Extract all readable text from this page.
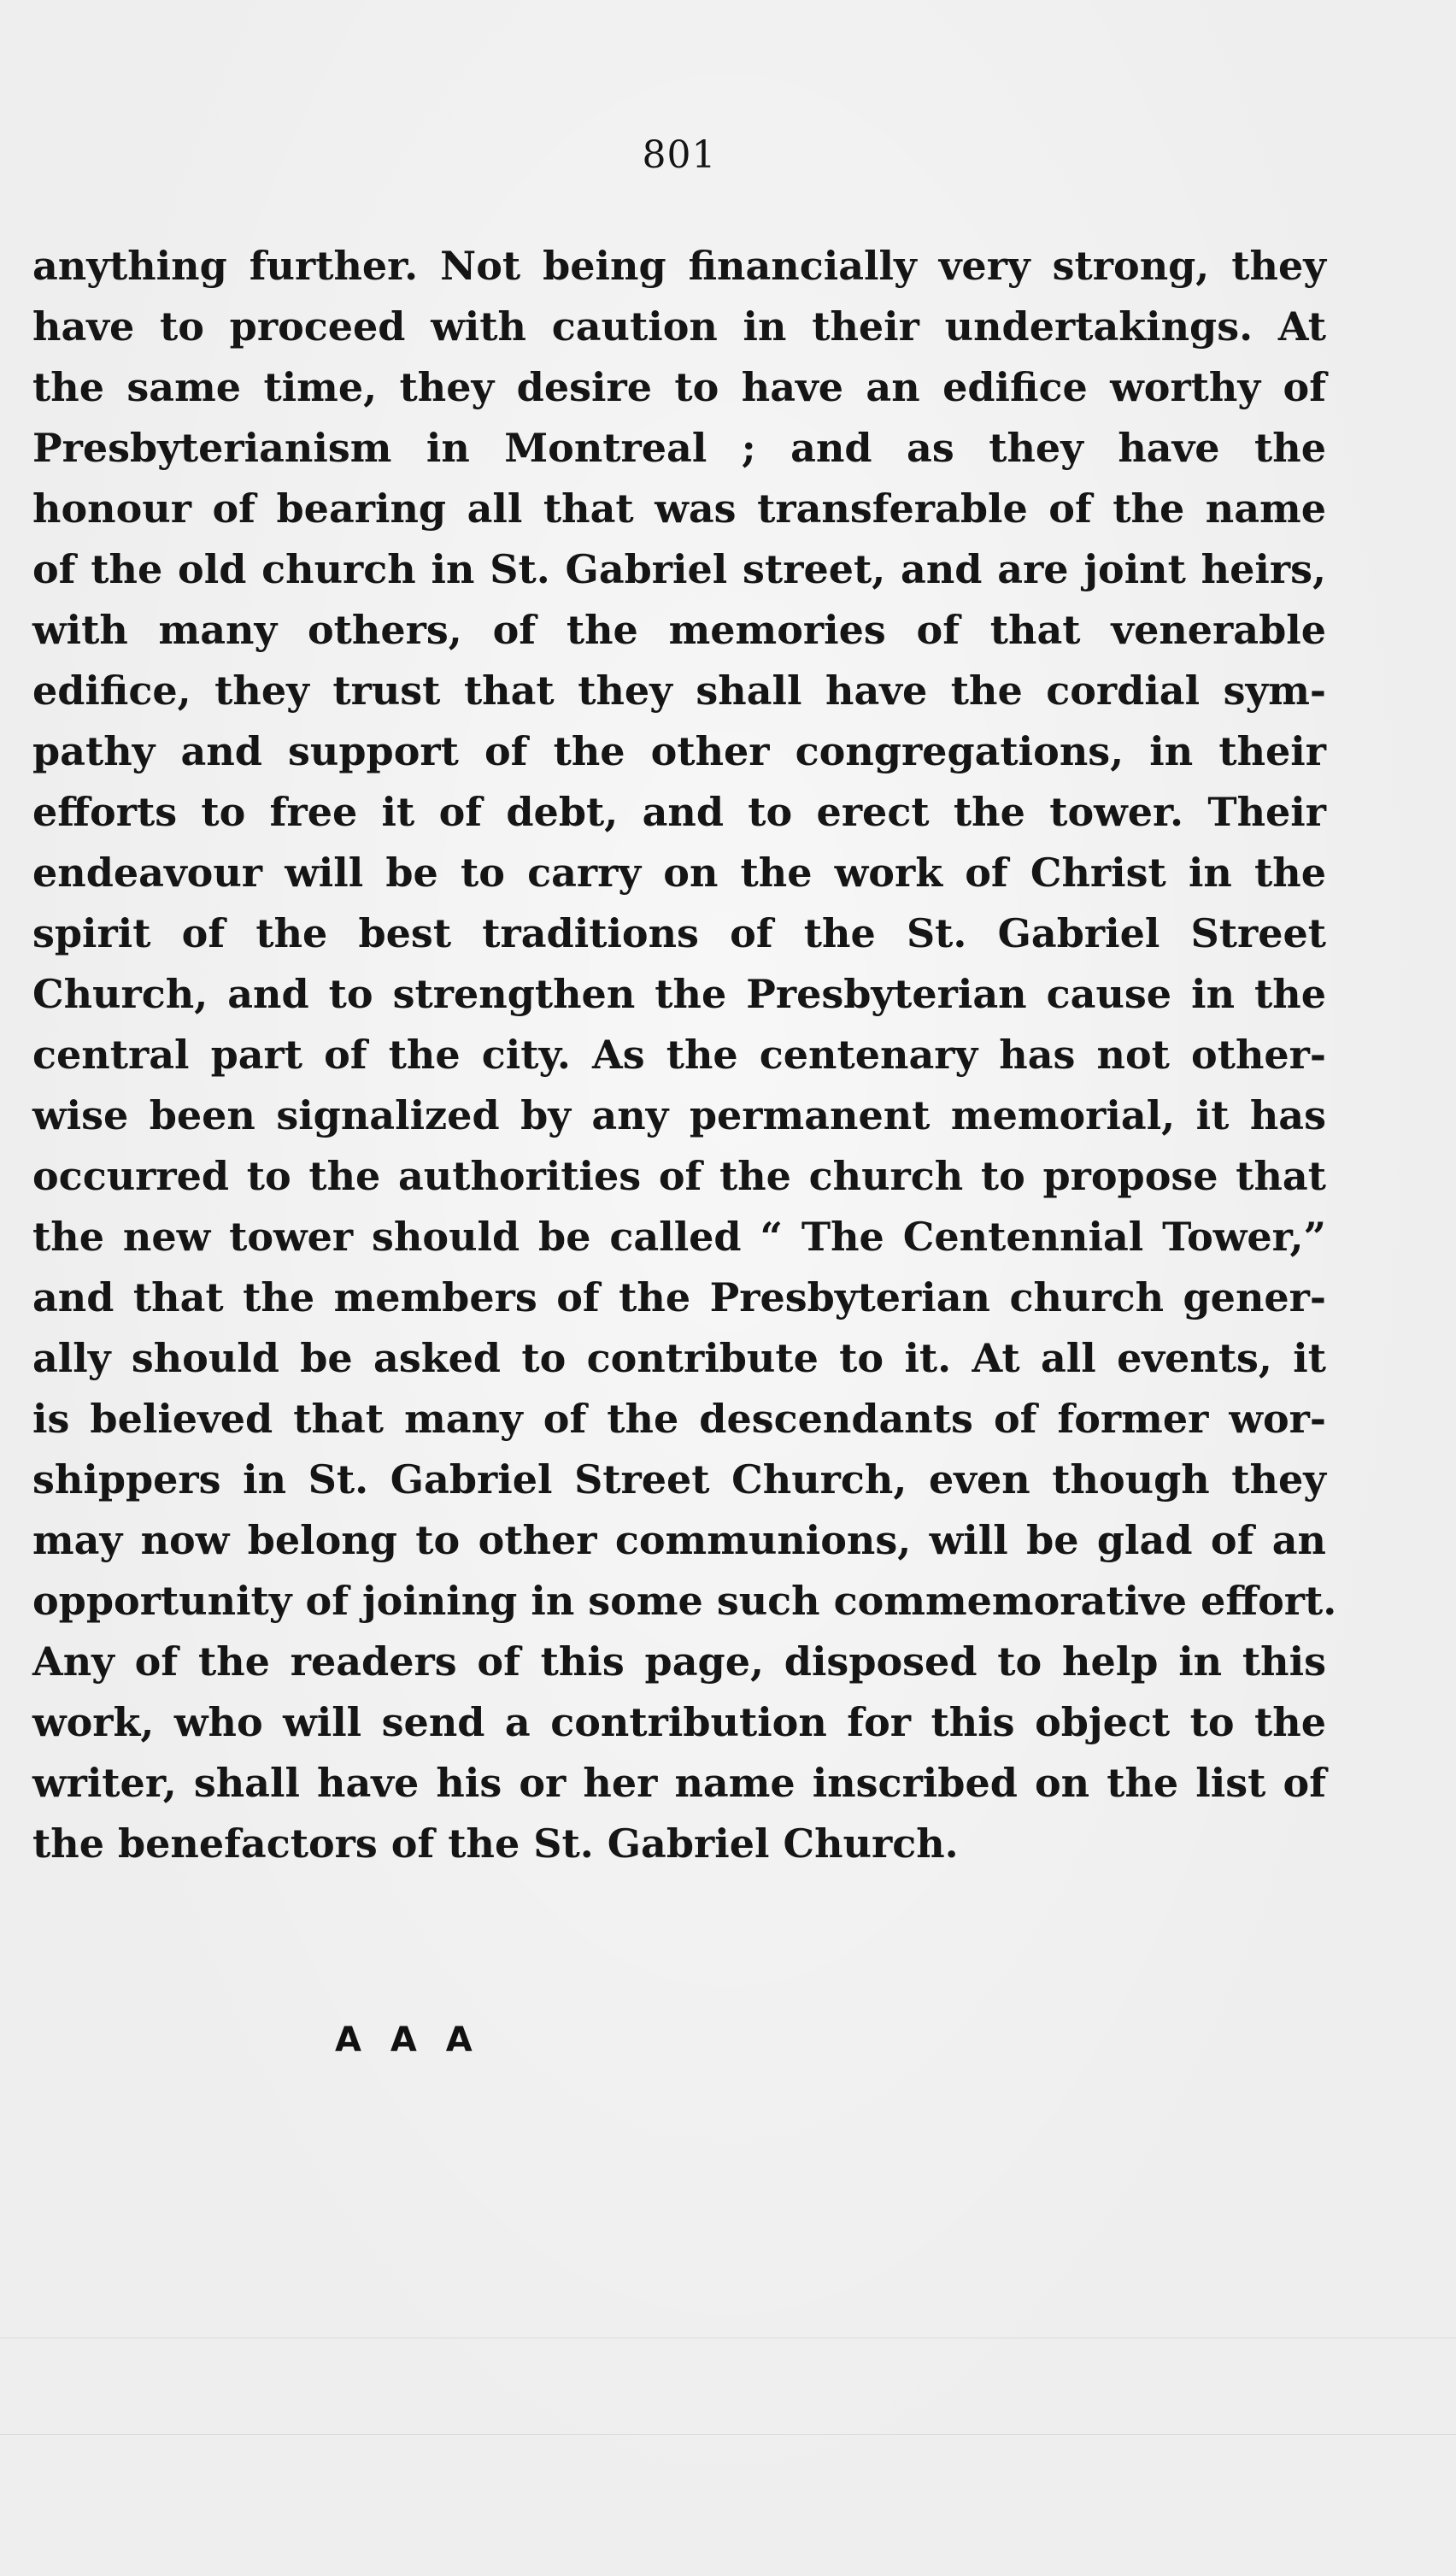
801
anything further. Not being financially very strong, they
have to proceed with caution in their undertakings. At
the same time, they desire to have an edifice worthy of
Presbyterianism in Montreal ; and as they have the
honour of bearing all that was transferable of the name
of the old church in St. Gabriel street, and are joint heirs,
with many others, of the memories of that venerable
edifice, they trust that they shall have the cordial sym-
pathy and support of the other congregations, in their
efforts to free it of debt, and to erect the tower. Their
endeavour will be to carry on the work of Christ in the
spirit of the best traditions of the St. Gabriel Street
Church, and to strengthen the Presbyterian cause in the
central part of the city. As the centenary has not other-
wise been signalized by any permanent memorial, it has
occurred to the authorities of the church to propose that
the new tower should be called “ The Centennial Tower,”
and that the members of the Presbyterian church gener-
ally should be asked to contribute to it. At all events, it
is believed that many of the descendants of former wor-
shippers in St. Gabriel Street Church, even though they
may now belong to other communions, will be glad of an
opportunity of joining in some such commemorative effort.
Any of the readers of this page, disposed to help in this
work, who will send a contribution for this object to the
writer, shall have his or her name inscribed on the list of
the benefactors of the St. Gabriel Church.
A A A
